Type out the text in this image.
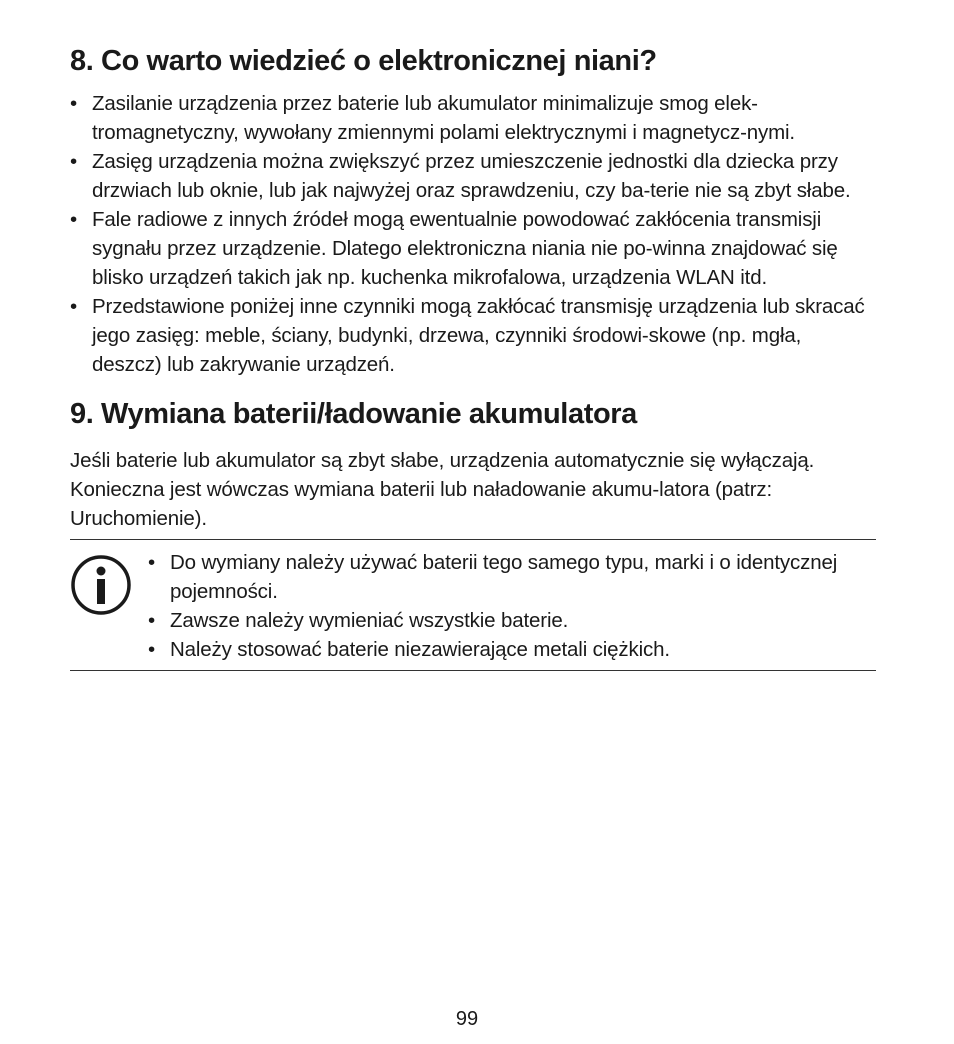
8. Co warto wiedzieć o elektronicznej niani?
• Zasilanie urządzenia przez baterie lub akumulator minimalizuje smog elek-tromagnetyczny, wywołany zmiennymi polami elektrycznymi i magnetycz-nymi.
• Zasięg urządzenia można zwiększyć przez umieszczenie jednostki dla dziecka przy drzwiach lub oknie, lub jak najwyżej oraz sprawdzeniu, czy ba-terie nie są zbyt słabe.
• Fale radiowe z innych źródeł mogą ewentualnie powodować zakłócenia transmisji sygnału przez urządzenie. Dlatego elektroniczna niania nie po-winna znajdować się blisko urządzeń takich jak np. kuchenka mikrofalowa, urządzenia WLAN itd.
• Przedstawione poniżej inne czynniki mogą zakłócać transmisję urządzenia lub skracać jego zasięg: meble, ściany, budynki, drzewa, czynniki środowi-skowe (np. mgła, deszcz) lub zakrywanie urządzeń.
9. Wymiana baterii/ładowanie akumulatora

Jeśli baterie lub akumulator są zbyt słabe, urządzenia automatycznie się wyłączają. Konieczna jest wówczas wymiana baterii lub naładowanie akumu-latora (patrz: Uruchomienie).

• Do wymiany należy używać baterii tego samego typu, marki i o identycznej pojemności.
• Zawsze należy wymieniać wszystkie baterie.
• Należy stosować baterie niezawierające metali ciężkich.
99
